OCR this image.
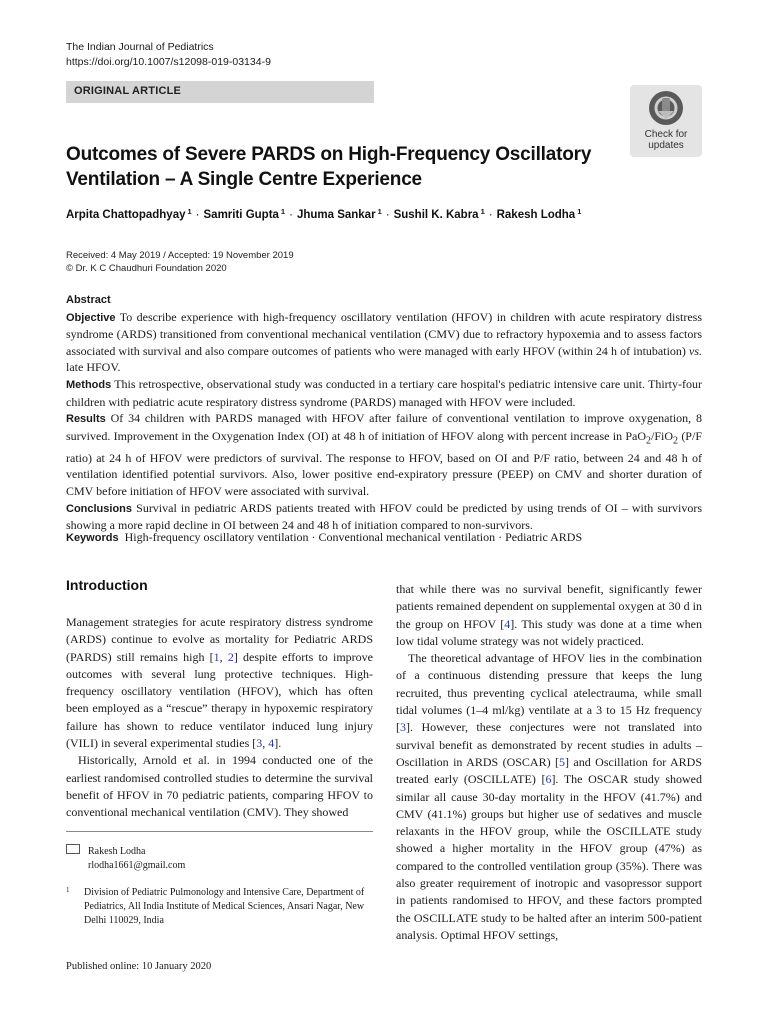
The Indian Journal of Pediatrics
https://doi.org/10.1007/s12098-019-03134-9
ORIGINAL ARTICLE
Check for
updates
Outcomes of Severe PARDS on High-Frequency Oscillatory
Ventilation – A Single Centre Experience
Arpita Chattopadhyay $^1$ · Samriti Gupta $^1$ · Jhuma Sankar $^1$ · Sushil K. Kabra $^1$ · Rakesh Lodha $^1$
Received: 4 May 2019 / Accepted: 19 November 2019
© Dr. K C Chaudhuri Foundation 2020

Abstract

Objective To describe experience with high-frequency oscillatory ventilation (HFOV) in children with acute respiratory distress syndrome (ARDS) transitioned from conventional mechanical ventilation (CMV) due to refractory hypoxemia and to assess factors associated with survival and also compare outcomes of patients who were managed with early HFOV (within 24 h of intubation) vs. late HFOV.

Methods This retrospective, observational study was conducted in a tertiary care hospital's pediatric intensive care unit. Thirty-four children with pediatric acute respiratory distress syndrome (PARDS) managed with HFOV were included.

Results Of 34 children with PARDS managed with HFOV after failure of conventional ventilation to improve oxygenation, 8 survived. Improvement in the Oxygenation Index (OI) at 48 h of initiation of HFOV along with percent increase in PaO$_2$/FiO$_2$ (P/F ratio) at 24 h of HFOV were predictors of survival. The response to HFOV, based on OI and P/F ratio, between 24 and 48 h of ventilation identified potential survivors. Also, lower positive end-expiratory pressure (PEEP) on CMV and shorter duration of CMV before initiation of HFOV were associated with survival.

Conclusions Survival in pediatric ARDS patients treated with HFOV could be predicted by using trends of OI – with survivors showing a more rapid decline in OI between 24 and 48 h of initiation compared to non-survivors.

Keywords High-frequency oscillatory ventilation · Conventional mechanical ventilation · Pediatric ARDS
Introduction

Management strategies for acute respiratory distress syndrome (ARDS) continue to evolve as mortality for Pediatric ARDS (PARDS) still remains high [1, 2] despite efforts to improve outcomes with several lung protective techniques. High-frequency oscillatory ventilation (HFOV), which has often been employed as a “rescue” therapy in hypoxemic respiratory failure has shown to reduce ventilator induced lung injury (VILI) in several experimental studies [3, 4].

Historically, Arnold et al. in 1994 conducted one of the earliest randomised controlled studies to determine the survival benefit of HFOV in 70 pediatric patients, comparing HFOV to conventional mechanical ventilation (CMV). They showed

that while there was no survival benefit, significantly fewer patients remained dependent on supplemental oxygen at 30 d in the group on HFOV [4]. This study was done at a time when low tidal volume strategy was not widely practiced.

The theoretical advantage of HFOV lies in the combination of a continuous distending pressure that keeps the lung recruited, thus preventing cyclical atelectrauma, while small tidal volumes (1–4 ml/kg) ventilate at a 3 to 15 Hz frequency [3]. However, these conjectures were not translated into survival benefit as demonstrated by recent studies in adults – Oscillation in ARDS (OSCAR) [5] and Oscillation for ARDS treated early (OSCILLATE) [6]. The OSCAR study showed similar all cause 30-day mortality in the HFOV (41.7%) and CMV (41.1%) groups but higher use of sedatives and muscle relaxants in the HFOV group, while the OSCILLATE study showed a higher mortality in the HFOV group (47%) as compared to the controlled ventilation group (35%). There was also greater requirement of inotropic and vasopressor support in patients randomised to HFOV, and these factors prompted the OSCILLATE study to be halted after an interim 500-patient analysis. Optimal HFOV settings,

Rakesh Lodha
rlodha1661@gmail.com
1	Division of Pediatric Pulmonology and Intensive Care, Department of Pediatrics, All India Institute of Medical Sciences, Ansari Nagar, New Delhi 110029, India
Published online: 10 January 2020
